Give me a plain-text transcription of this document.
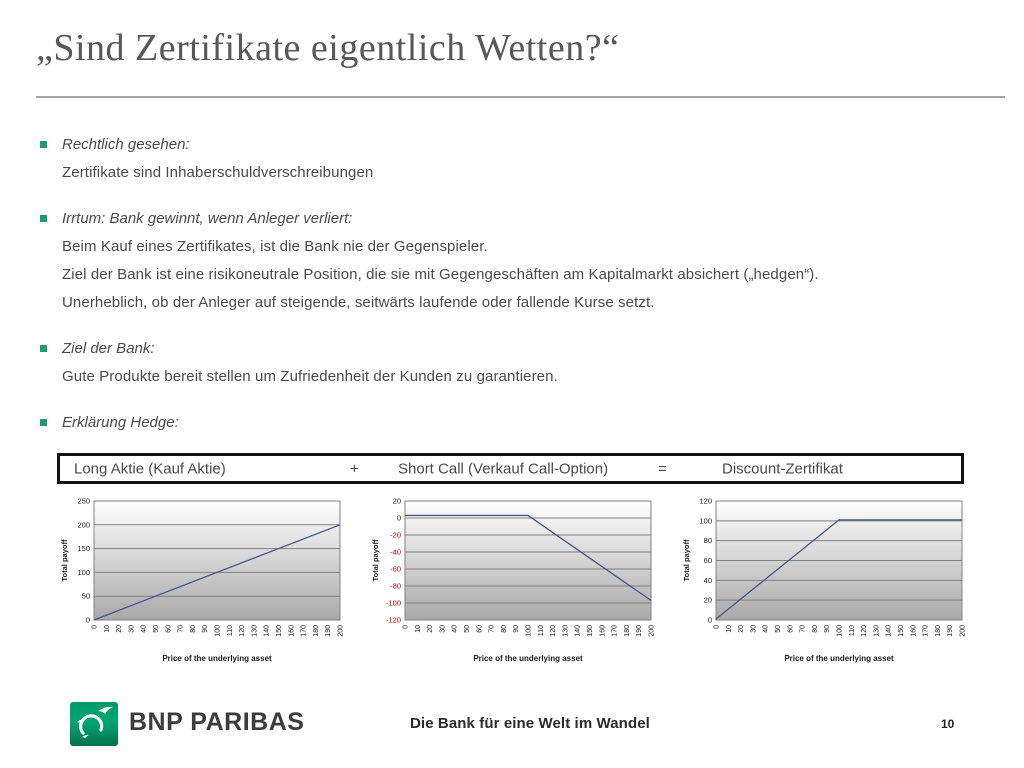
„Sind Zertifikate eigentlich Wetten?“
Rechtlich gesehen:
Zertifikate sind Inhaberschuldverschreibungen
Irrtum: Bank gewinnt, wenn Anleger verliert:
Beim Kauf eines Zertifikates, ist die Bank nie der Gegenspieler.
Ziel der Bank ist eine risikoneutrale Position, die sie mit Gegengeschäften am Kapitalmarkt absichert („hedgen“).
Unerheblich, ob der Anleger auf steigende, seitwärts laufende oder fallende Kurse setzt.
Ziel der Bank:
Gute Produkte bereit stellen um Zufriedenheit der Kunden zu garantieren.
Erklärung Hedge:
Long Aktie (Kauf Aktie)	+	Short Call (Verkauf Call-Option)	=	Discount-Zertifikat
0
50
100
150
200
250
0 10 20 30 40 50 60 70 80 90 100 110 120 130 140 150 160 170 180 190 200
Total payoff
Price of the underlying asset
-120
-100
-80
-60
-40
-20
0
20
0 10 20 30 40 50 60 70 80 90 100 110 120 130 140 150 160 170 180 190 200
Total payoff
Price of the underlying asset
0
20
40
60
80
100
120
0 10 20 30 40 50 60 70 80 90 100 110 120 130 140 150 160 170 180 190 200
Total payoff
Price of the underlying asset
BNP PARIBAS	Die Bank für eine Welt im Wandel	10
